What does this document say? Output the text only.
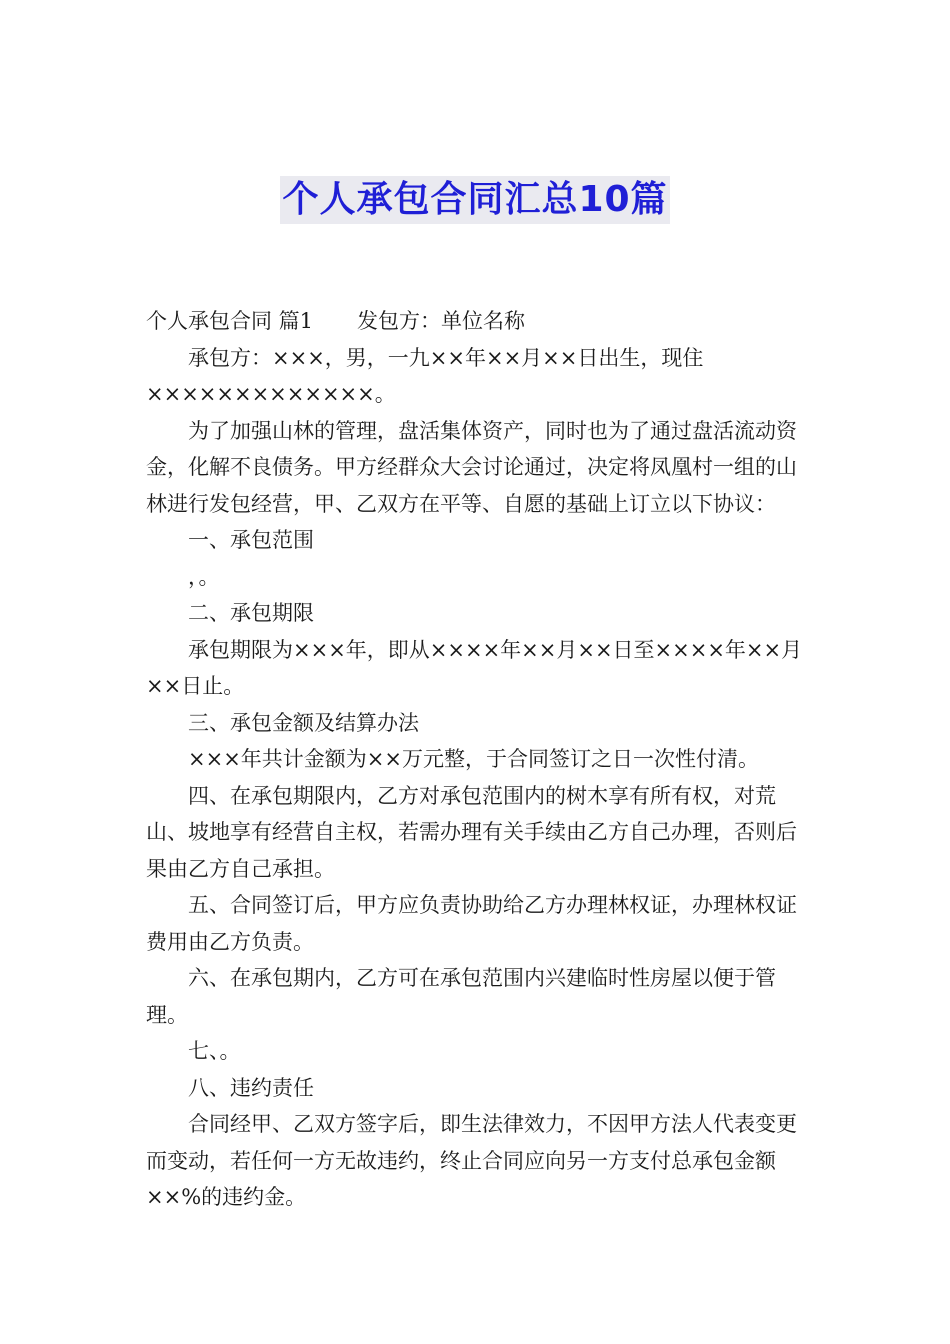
个人承包合同汇总10篇

个人承包合同 篇1 发包方：单位名称

承包方：×××，男，一九××年××月××日出生，现住×××××××××××××。

为了加强山林的管理，盘活集体资产，同时也为了通过盘活流动资金，化解不良债务。甲方经群众大会讨论通过，决定将凤凰村一组的山林进行发包经营，甲、乙双方在平等、自愿的基础上订立以下协议：

一、承包范围

，。

二、承包期限

承包期限为×××年，即从××××年××月××日至××××年××月××日止。

三、承包金额及结算办法

×××年共计金额为××万元整，于合同签订之日一次性付清。

四、在承包期限内，乙方对承包范围内的树木享有所有权，对荒山、坡地享有经营自主权，若需办理有关手续由乙方自己办理，否则后果由乙方自己承担。

五、合同签订后，甲方应负责协助给乙方办理林权证，办理林权证费用由乙方负责。

六、在承包期内，乙方可在承包范围内兴建临时性房屋以便于管理。

七、。

八、违约责任

合同经甲、乙双方签字后，即生法律效力，不因甲方法人代表变更而变动，若任何一方无故违约，终止合同应向另一方支付总承包金额××%的违约金。
